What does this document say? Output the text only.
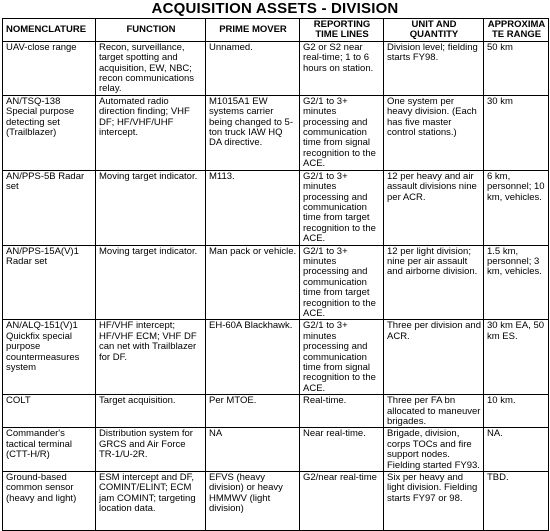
ACQUISITION ASSETS - DIVISION
NOMENCLATURE	FUNCTION	PRIME MOVER	REPORTING TIME LINES	UNIT AND QUANTITY	APPROXIMATE RANGE
UAV-close range	Recon, surveillance, target spotting and acquisition, EW, NBC; recon communications relay.	Unnamed.	G2 or S2 near real-time; 1 to 6 hours on station.	Division level; fielding starts FY98.	50 km
AN/TSQ-138 Special purpose detecting set (Trailblazer)	Automated radio direction finding; VHF DF; HF/VHF/UHF intercept.	M1015A1 EW systems carrier being changed to 5-ton truck IAW HQ DA directive.	G2/1 to 3+ minutes processing and communication time from signal recognition to the ACE.	One system per heavy division. (Each has five master control stations.)	30 km
AN/PPS-5B Radar set	Moving target indicator.	M113.	G2/1 to 3+ minutes processing and communication time from target recognition to the ACE.	12 per heavy and air assault divisions nine per ACR.	6 km, personnel; 10 km, vehicles.
AN/PPS-15A(V)1 Radar set	Moving target indicator.	Man pack or vehicle.	G2/1 to 3+ minutes processing and communication time from target recognition to the ACE.	12 per light division; nine per air assault and airborne division.	1.5 km, personnel; 3 km, vehicles.
AN/ALQ-151(V)1 Quickfix special purpose countermeasures system	HF/VHF intercept; HF/VHF ECM; VHF DF can net with Trailblazer for DF.	EH-60A Blackhawk.	G2/1 to 3+ minutes processing and communication time from signal recognition to the ACE.	Three per division and ACR.	30 km EA, 50 km ES.
COLT	Target acquisition.	Per MTOE.	Real-time.	Three per FA bn allocated to maneuver brigades.	10 km.
Commander's tactical terminal (CTT-H/R)	Distribution system for GRCS and Air Force TR-1/U-2R.	NA	Near real-time.	Brigade, division, corps TOCs and fire support nodes. Fielding started FY93.	NA.
Ground-based common sensor (heavy and light)	ESM intercept and DF, COMINT/ELINT; ECM jam COMINT; targeting location data.	EFVS (heavy division) or heavy HMMWV (light division)	G2/near real-time	Six per heavy and light division. Fielding starts FY97 or 98.	TBD.
